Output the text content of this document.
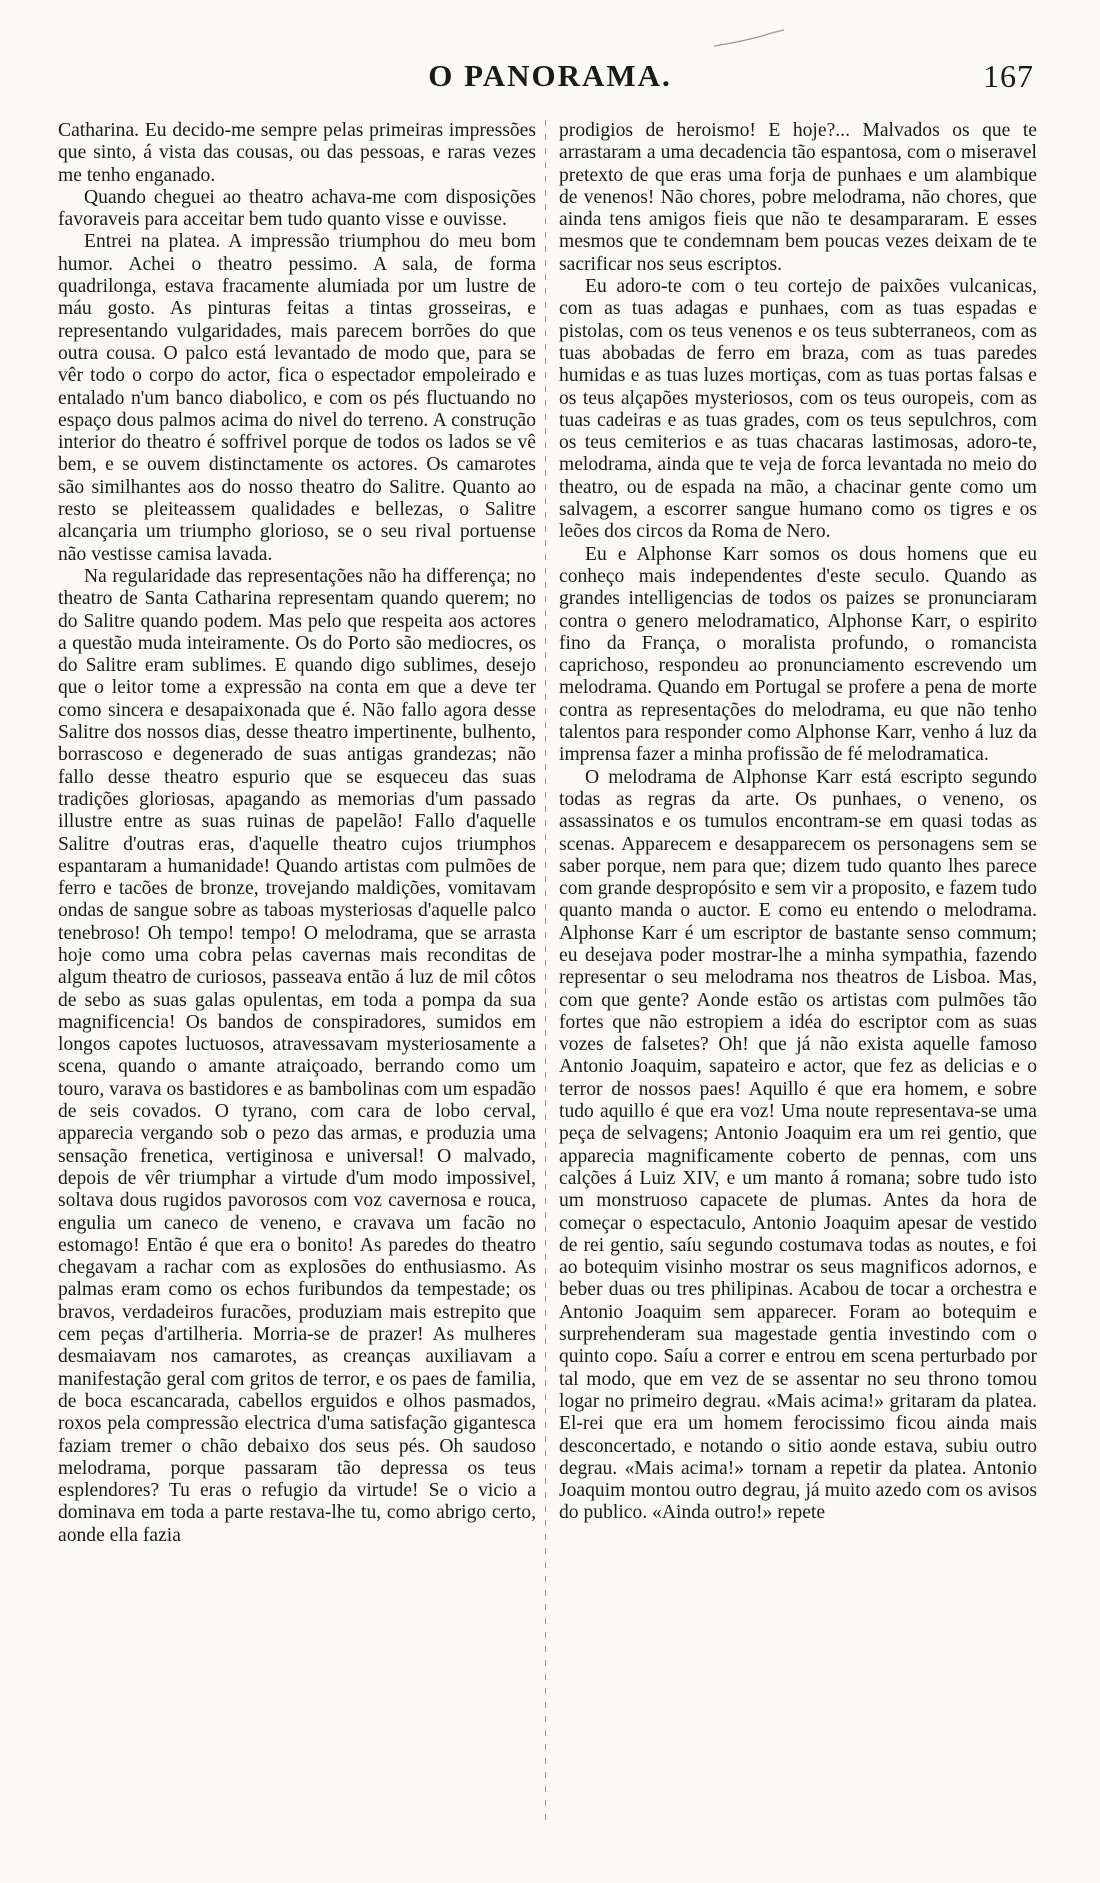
O PANORAMA.	167

Catharina. Eu decido-me sempre pelas primeiras impressões que sinto, á vista das cousas, ou das pessoas, e raras vezes me tenho enganado.

Quando cheguei ao theatro achava-me com disposições favoraveis para acceitar bem tudo quanto visse e ouvisse.

Entrei na platea. A impressão triumphou do meu bom humor. Achei o theatro pessimo. A sala, de forma quadrilonga, estava fracamente alumiada por um lustre de máu gosto. As pinturas feitas a tintas grosseiras, e representando vulgaridades, mais parecem borrões do que outra cousa. O palco está levantado de modo que, para se vêr todo o corpo do actor, fica o espectador empoleirado e entalado n'um banco diabolico, e com os pés fluctuando no espaço dous palmos acima do nivel do terreno. A construção interior do theatro é soffrivel porque de todos os lados se vê bem, e se ouvem distinctamente os actores. Os camarotes são similhantes aos do nosso theatro do Salitre. Quanto ao resto se pleiteassem qualidades e bellezas, o Salitre alcançaria um triumpho glorioso, se o seu rival portuense não vestisse camisa lavada.

Na regularidade das representações não ha differença; no theatro de Santa Catharina representam quando querem; no do Salitre quando podem. Mas pelo que respeita aos actores a questão muda inteiramente. Os do Porto são mediocres, os do Salitre eram sublimes. E quando digo sublimes, desejo que o leitor tome a expressão na conta em que a deve ter como sincera e desapaixonada que é. Não fallo agora desse Salitre dos nossos dias, desse theatro impertinente, bulhento, borrascoso e degenerado de suas antigas grandezas; não fallo desse theatro espurio que se esqueceu das suas tradições gloriosas, apagando as memorias d'um passado illustre entre as suas ruinas de papelão! Fallo d'aquelle Salitre d'outras eras, d'aquelle theatro cujos triumphos espantaram a humanidade! Quando artistas com pulmões de ferro e tacões de bronze, trovejando maldições, vomitavam ondas de sangue sobre as taboas mysteriosas d'aquelle palco tenebroso! Oh tempo! tempo! O melodrama, que se arrasta hoje como uma cobra pelas cavernas mais reconditas de algum theatro de curiosos, passeava então á luz de mil côtos de sebo as suas galas opulentas, em toda a pompa da sua magnificencia! Os bandos de conspiradores, sumidos em longos capotes luctuosos, atravessavam mysteriosamente a scena, quando o amante atraiçoado, berrando como um touro, varava os bastidores e as bambolinas com um espadão de seis covados. O tyrano, com cara de lobo cerval, apparecia vergando sob o pezo das armas, e produzia uma sensação frenetica, vertiginosa e universal! O malvado, depois de vêr triumphar a virtude d'um modo impossivel, soltava dous rugidos pavorosos com voz cavernosa e rouca, engulia um caneco de veneno, e cravava um facão no estomago! Então é que era o bonito! As paredes do theatro chegavam a rachar com as explosões do enthusiasmo. As palmas eram como os echos furibundos da tempestade; os bravos, verdadeiros furacões, produziam mais estrepito que cem peças d'artilheria. Morria-se de prazer! As mulheres desmaiavam nos camarotes, as creanças auxiliavam a manifestação geral com gritos de terror, e os paes de familia, de boca escancarada, cabellos erguidos e olhos pasmados, roxos pela compressão electrica d'uma satisfação gigantesca faziam tremer o chão debaixo dos seus pés. Oh saudoso melodrama, porque passaram tão depressa os teus esplendores? Tu eras o refugio da virtude! Se o vicio a dominava em toda a parte restava-lhe tu, como abrigo certo, aonde ella fazia

prodigios de heroismo! E hoje?... Malvados os que te arrastaram a uma decadencia tão espantosa, com o miseravel pretexto de que eras uma forja de punhaes e um alambique de venenos! Não chores, pobre melodrama, não chores, que ainda tens amigos fieis que não te desampararam. E esses mesmos que te condemnam bem poucas vezes deixam de te sacrificar nos seus escriptos.

Eu adoro-te com o teu cortejo de paixões vulcanicas, com as tuas adagas e punhaes, com as tuas espadas e pistolas, com os teus venenos e os teus subterraneos, com as tuas abobadas de ferro em braza, com as tuas paredes humidas e as tuas luzes mortiças, com as tuas portas falsas e os teus alçapões mysteriosos, com os teus ouropeis, com as tuas cadeiras e as tuas grades, com os teus sepulchros, com os teus cemiterios e as tuas chacaras lastimosas, adoro-te, melodrama, ainda que te veja de forca levantada no meio do theatro, ou de espada na mão, a chacinar gente como um salvagem, a escorrer sangue humano como os tigres e os leões dos circos da Roma de Nero.

Eu e Alphonse Karr somos os dous homens que eu conheço mais independentes d'este seculo. Quando as grandes intelligencias de todos os paizes se pronunciaram contra o genero melodramatico, Alphonse Karr, o espirito fino da França, o moralista profundo, o romancista caprichoso, respondeu ao pronunciamento escrevendo um melodrama. Quando em Portugal se profere a pena de morte contra as representações do melodrama, eu que não tenho talentos para responder como Alphonse Karr, venho á luz da imprensa fazer a minha profissão de fé melodramatica.

O melodrama de Alphonse Karr está escripto segundo todas as regras da arte. Os punhaes, o veneno, os assassinatos e os tumulos encontram-se em quasi todas as scenas. Apparecem e desapparecem os personagens sem se saber porque, nem para que; dizem tudo quanto lhes parece com grande despropósito e sem vir a proposito, e fazem tudo quanto manda o auctor. E como eu entendo o melodrama. Alphonse Karr é um escriptor de bastante senso commum; eu desejava poder mostrar-lhe a minha sympathia, fazendo representar o seu melodrama nos theatros de Lisboa. Mas, com que gente? Aonde estão os artistas com pulmões tão fortes que não estropiem a idéa do escriptor com as suas vozes de falsetes? Oh! que já não exista aquelle famoso Antonio Joaquim, sapateiro e actor, que fez as delicias e o terror de nossos paes! Aquillo é que era homem, e sobre tudo aquillo é que era voz! Uma noute representava-se uma peça de selvagens; Antonio Joaquim era um rei gentio, que apparecia magnificamente coberto de pennas, com uns calções á Luiz XIV, e um manto á romana; sobre tudo isto um monstruoso capacete de plumas. Antes da hora de começar o espectaculo, Antonio Joaquim apesar de vestido de rei gentio, saíu segundo costumava todas as noutes, e foi ao botequim visinho mostrar os seus magnificos adornos, e beber duas ou tres philipinas. Acabou de tocar a orchestra e Antonio Joaquim sem apparecer. Foram ao botequim e surprehenderam sua magestade gentia investindo com o quinto copo. Saíu a correr e entrou em scena perturbado por tal modo, que em vez de se assentar no seu throno tomou logar no primeiro degrau. «Mais acima!» gritaram da platea. El-rei que era um homem ferocissimo ficou ainda mais desconcertado, e notando o sitio aonde estava, subiu outro degrau. «Mais acima!» tornam a repetir da platea. Antonio Joaquim montou outro degrau, já muito azedo com os avisos do publico. «Ainda outro!» repete
